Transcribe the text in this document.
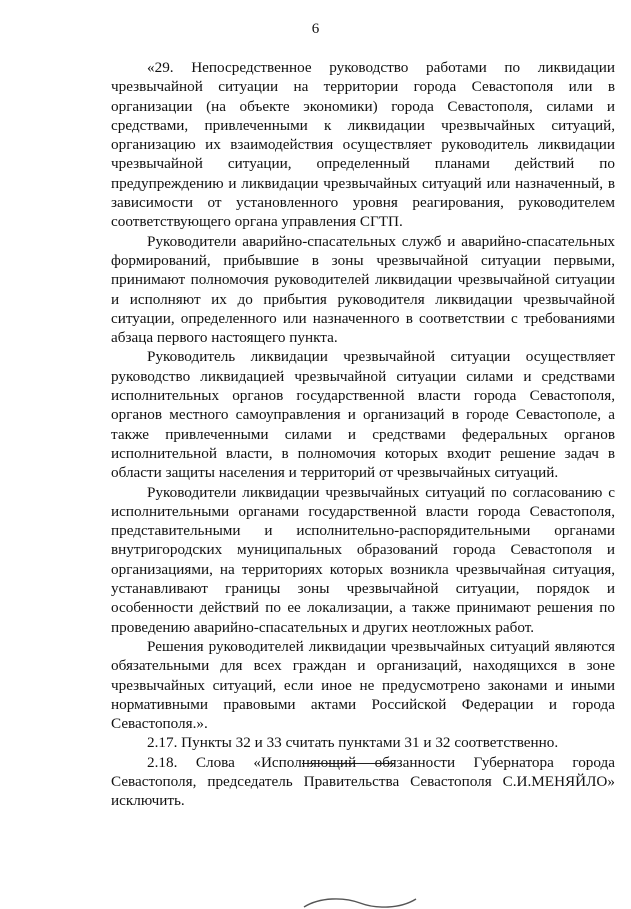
6

«29. Непосредственное руководство работами по ликвидации чрезвычайной ситуации на территории города Севастополя или в организации (на объекте экономики) города Севастополя, силами и средствами, привлеченными к ликвидации чрезвычайных ситуаций, организацию их взаимодействия осуществляет руководитель ликвидации чрезвычайной ситуации, определенный планами действий по предупреждению и ликвидации чрезвычайных ситуаций или назначенный, в зависимости от установленного уровня реагирования, руководителем соответствующего органа управления СГТП.

Руководители аварийно-спасательных служб и аварийно-спасательных формирований, прибывшие в зоны чрезвычайной ситуации первыми, принимают полномочия руководителей ликвидации чрезвычайной ситуации и исполняют их до прибытия руководителя ликвидации чрезвычайной ситуации, определенного или назначенного в соответствии с требованиями абзаца первого настоящего пункта.

Руководитель ликвидации чрезвычайной ситуации осуществляет руководство ликвидацией чрезвычайной ситуации силами и средствами исполнительных органов государственной власти города Севастополя, органов местного самоуправления и организаций в городе Севастополе, а также привлеченными силами и средствами федеральных органов исполнительной власти, в полномочия которых входит решение задач в области защиты населения и территорий от чрезвычайных ситуаций.

Руководители ликвидации чрезвычайных ситуаций по согласованию с исполнительными органами государственной власти города Севастополя, представительными и исполнительно-распорядительными органами внутригородских муниципальных образований города Севастополя и организациями, на территориях которых возникла чрезвычайная ситуация, устанавливают границы зоны чрезвычайной ситуации, порядок и особенности действий по ее локализации, а также принимают решения по проведению аварийно-спасательных и других неотложных работ.

Решения руководителей ликвидации чрезвычайных ситуаций являются обязательными для всех граждан и организаций, находящихся в зоне чрезвычайных ситуаций, если иное не предусмотрено законами и иными нормативными правовыми актами Российской Федерации и города Севастополя.».

2.17. Пункты 32 и 33 считать пунктами 31 и 32 соответственно.

2.18. Слова «Исполняющий обязанности Губернатора города Севастополя, председатель Правительства Севастополя С.И.МЕНЯЙЛО» исключить.
